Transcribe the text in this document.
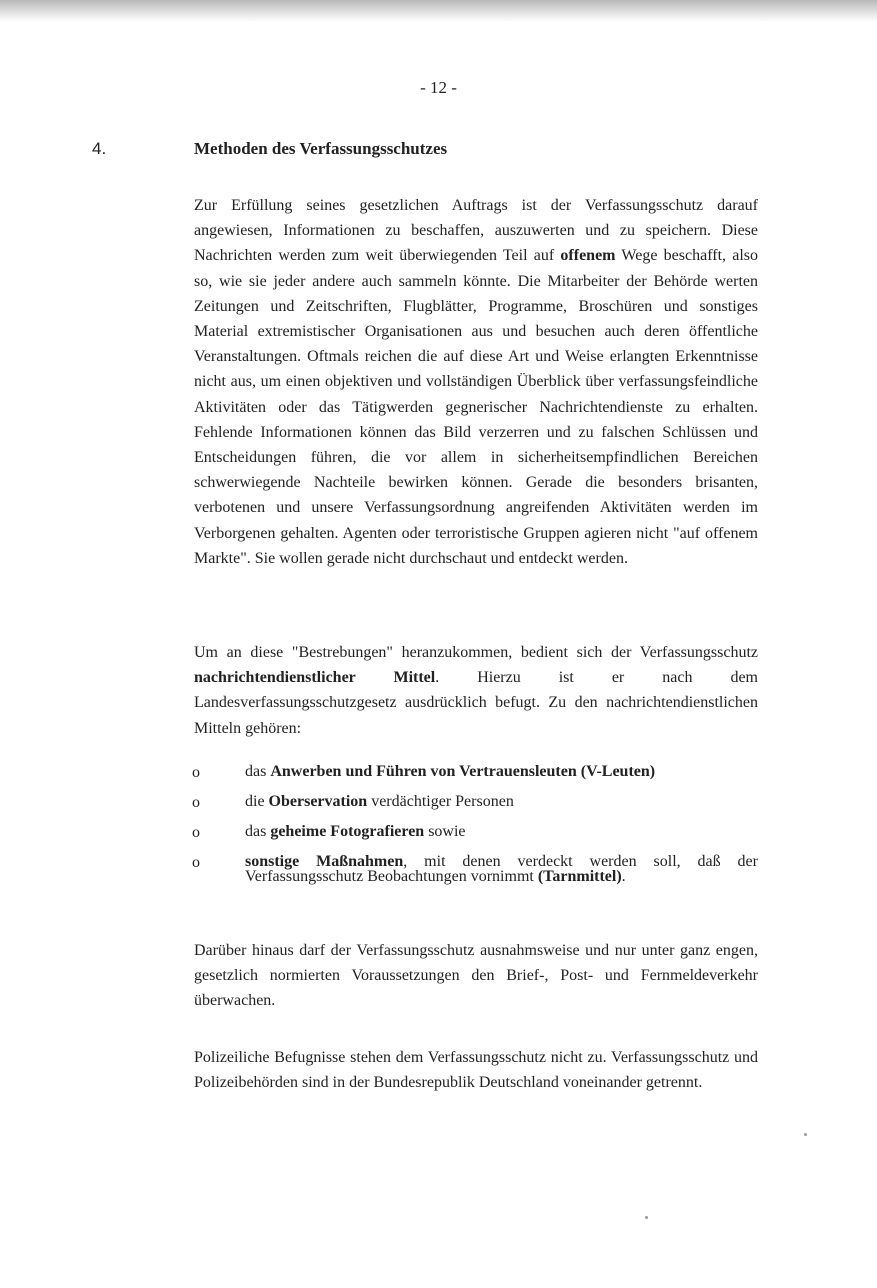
- 12 -
4.	Methoden des Verfassungsschutzes
Zur Erfüllung seines gesetzlichen Auftrags ist der Verfassungsschutz darauf angewiesen, Informationen zu beschaffen, auszuwerten und zu speichern. Diese Nachrichten werden zum weit überwiegenden Teil auf offenem Wege beschafft, also so, wie sie jeder andere auch sammeln könnte. Die Mitarbeiter der Behörde werten Zeitungen und Zeitschriften, Flugblätter, Programme, Broschüren und sonstiges Material extremistischer Organisationen aus und besuchen auch deren öffentliche Veranstaltungen. Oftmals reichen die auf diese Art und Weise erlangten Erkenntnisse nicht aus, um einen objektiven und vollständigen Überblick über verfassungsfeindliche Aktivitäten oder das Tätigwerden gegnerischer Nachrichtendienste zu erhalten. Fehlende Informationen können das Bild verzerren und zu falschen Schlüssen und Entscheidungen führen, die vor allem in sicherheitsempfindlichen Bereichen schwerwiegende Nachteile bewirken können. Gerade die besonders brisanten, verbotenen und unsere Verfassungsordnung angreifenden Aktivitäten werden im Verborgenen gehalten. Agenten oder terroristische Gruppen agieren nicht "auf offenem Markte". Sie wollen gerade nicht durchschaut und entdeckt werden.
Um an diese "Bestrebungen" heranzukommen, bedient sich der Verfassungsschutz nachrichtendienstlicher Mittel. Hierzu ist er nach dem Landesverfassungsschutzgesetz ausdrücklich befugt. Zu den nachrichtendienstlichen Mitteln gehören:
o	das Anwerben und Führen von Vertrauensleuten (V-Leuten)
o	die Oberservation verdächtiger Personen
o	das geheime Fotografieren sowie
o	sonstige Maßnahmen, mit denen verdeckt werden soll, daß der Verfassungsschutz Beobachtungen vornimmt (Tarnmittel).
Darüber hinaus darf der Verfassungsschutz ausnahmsweise und nur unter ganz engen, gesetzlich normierten Voraussetzungen den Brief-, Post- und Fernmeldeverkehr überwachen.
Polizeiliche Befugnisse stehen dem Verfassungsschutz nicht zu. Verfassungsschutz und Polizeibehörden sind in der Bundesrepublik Deutschland voneinander getrennt.
